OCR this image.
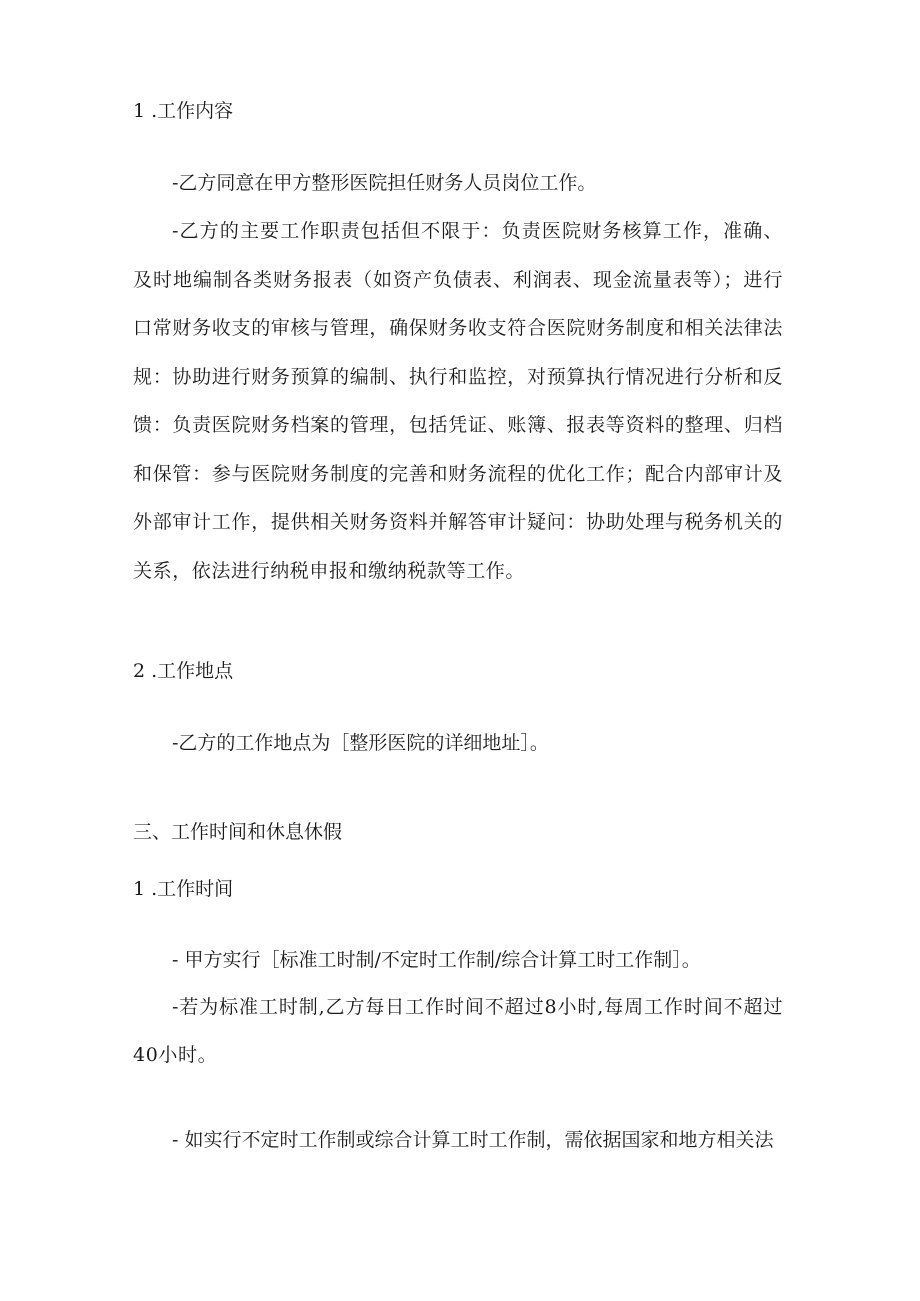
1 .工作内容
-乙方同意在甲方整形医院担任财务人员岗位工作。
-乙方的主要工作职责包括但不限于：负责医院财务核算工作，准确、及时地编制各类财务报表（如资产负债表、利润表、现金流量表等）；进行口常财务收支的审核与管理，确保财务收支符合医院财务制度和相关法律法规：协助进行财务预算的编制、执行和监控，对预算执行情况进行分析和反馈：负责医院财务档案的管理，包括凭证、账簿、报表等资料的整理、归档和保管：参与医院财务制度的完善和财务流程的优化工作；配合内部审计及外部审计工作，提供相关财务资料并解答审计疑问：协助处理与税务机关的关系，依法进行纳税申报和缴纳税款等工作。
2 .工作地点
-乙方的工作地点为［整形医院的详细地址］。
三、工作时间和休息休假
1 .工作时间
- 甲方实行［标准工时制/不定时工作制/综合计算工时工作制］。
-若为标准工时制,乙方每日工作时间不超过8小时,每周工作时间不超过40小时。
- 如实行不定时工作制或综合计算工时工作制，需依据国家和地方相关法
